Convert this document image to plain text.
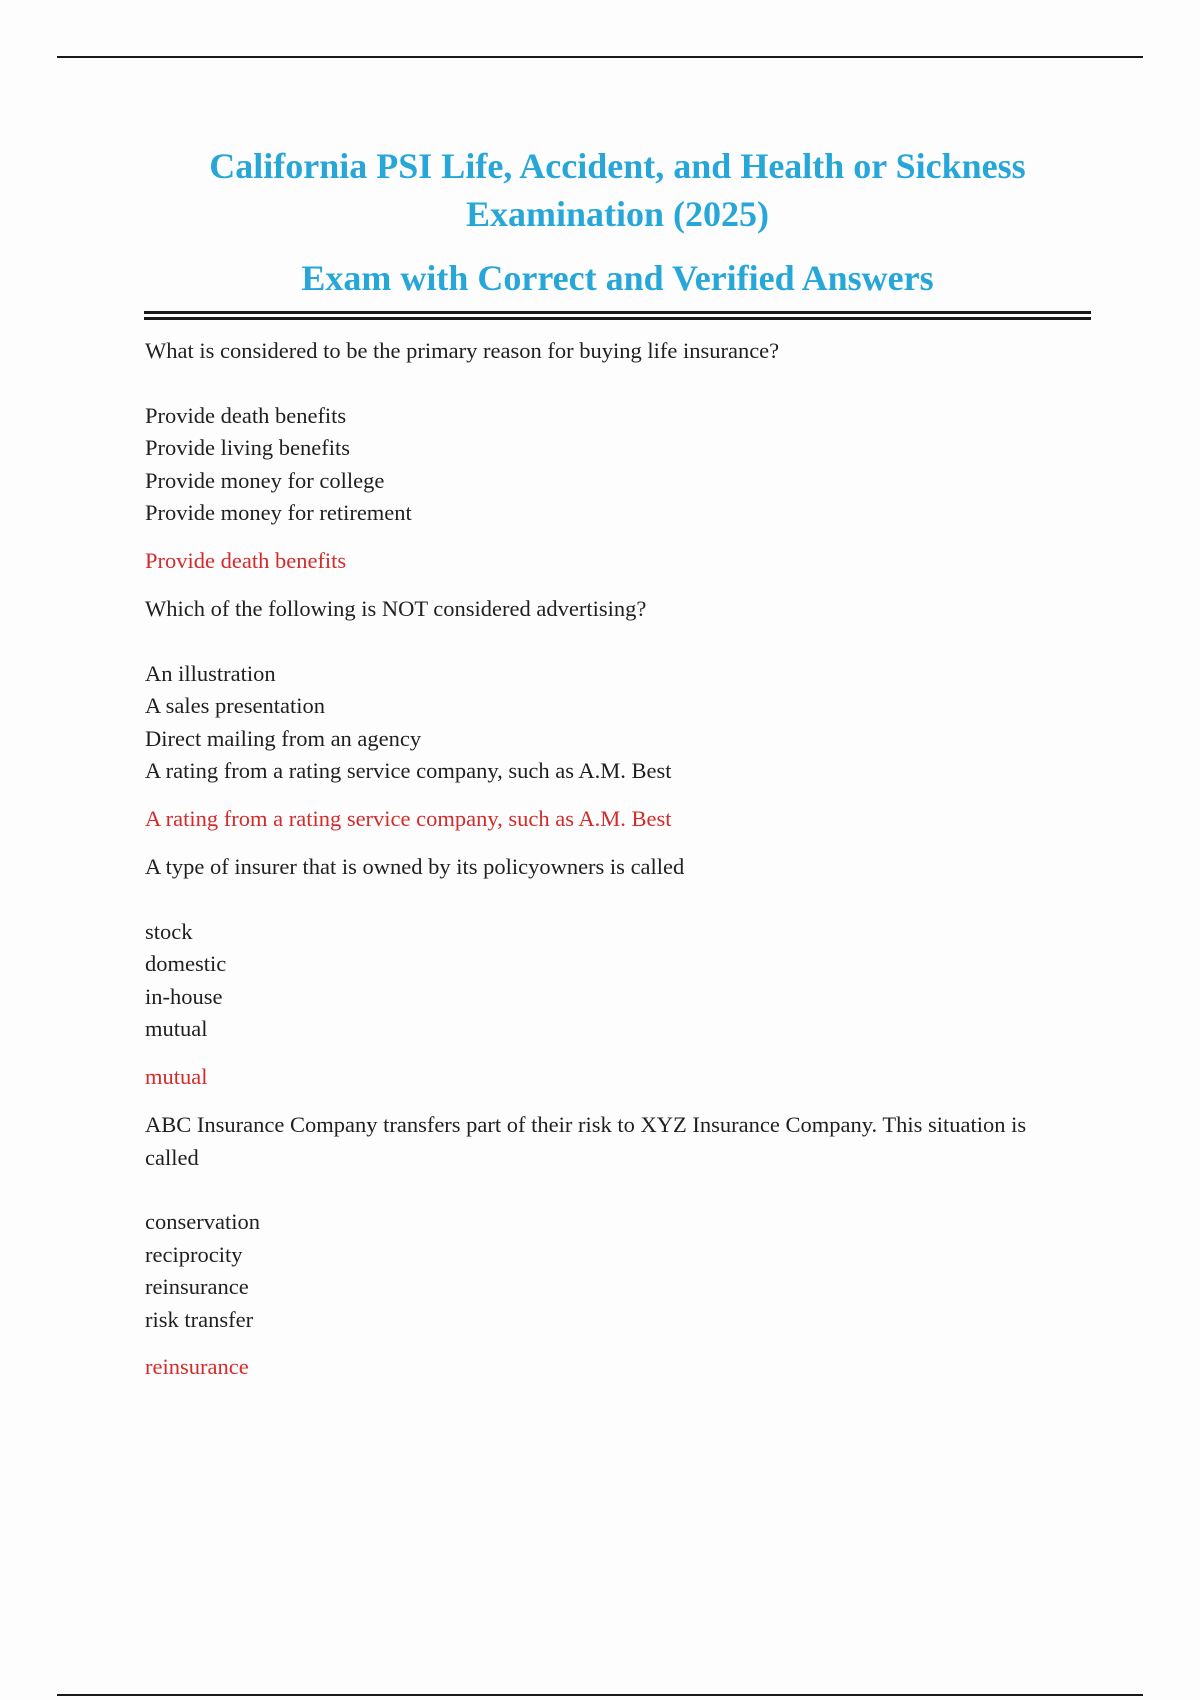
California PSI Life, Accident, and Health or Sickness
Examination (2025)
Exam with Correct and Verified Answers

What is considered to be the primary reason for buying life insurance?

Provide death benefits
Provide living benefits
Provide money for college
Provide money for retirement

Provide death benefits

Which of the following is NOT considered advertising?

An illustration
A sales presentation
Direct mailing from an agency
A rating from a rating service company, such as A.M. Best

A rating from a rating service company, such as A.M. Best

A type of insurer that is owned by its policyowners is called

stock
domestic
in-house
mutual

mutual

ABC Insurance Company transfers part of their risk to XYZ Insurance Company. This situation is called

conservation
reciprocity
reinsurance
risk transfer

reinsurance
